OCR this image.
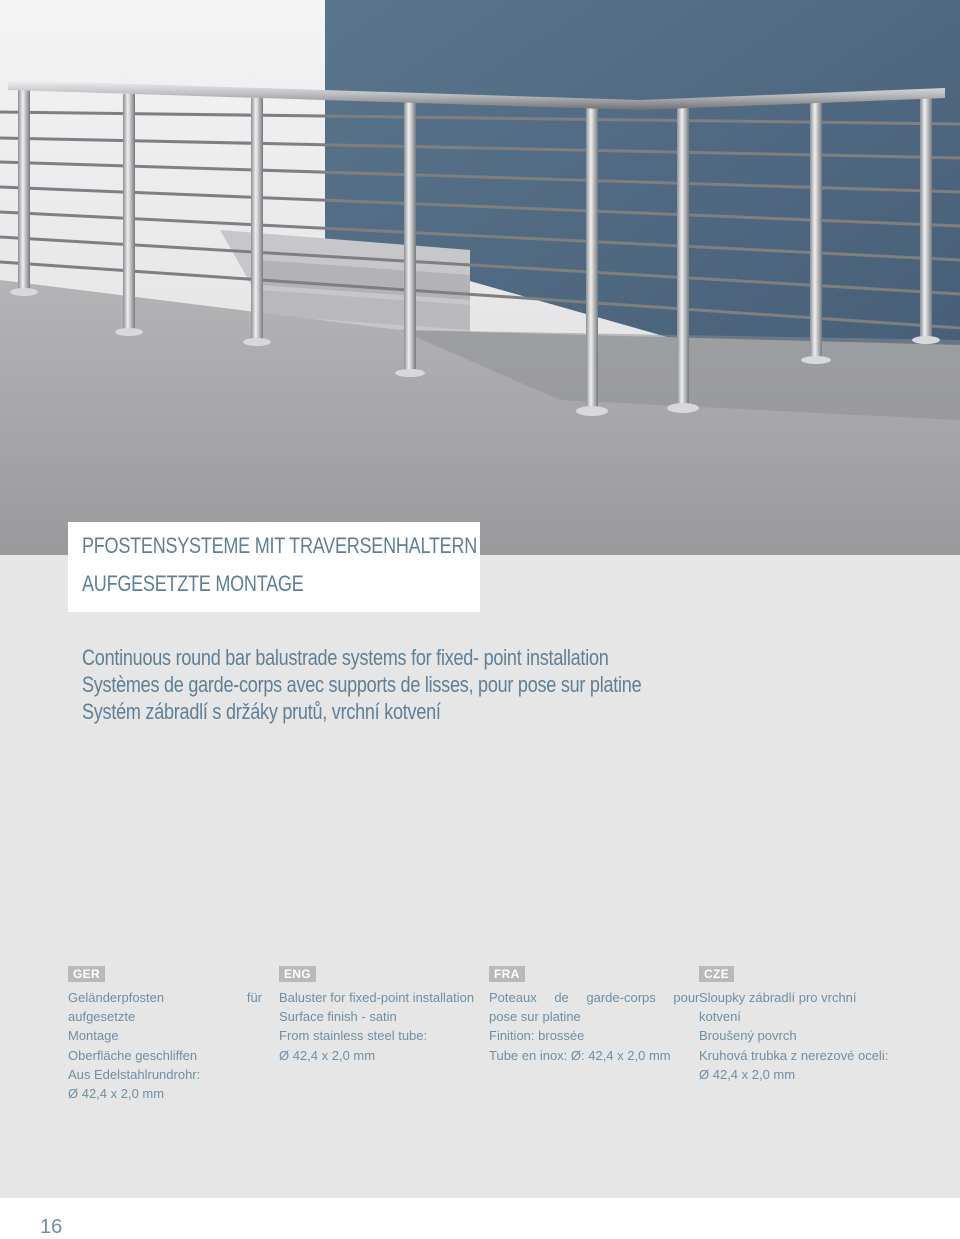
PFOSTENSYSTEME MIT TRAVERSENHALTERN
AUFGESETZTE MONTAGE

Continuous round bar balustrade systems for fixed- point installation

Systèmes de garde-corps avec supports de lisses, pour pose sur platine

Systém zábradlí s držáky prutů, vrchní kotvení

GER

Geländerpfosten für aufgesetzte

Montage

Oberfläche geschliffen

Aus Edelstahlrundrohr:

Ø 42,4 x 2,0 mm

ENG

Baluster for fixed-point installation

Surface finish - satin

From stainless steel tube:

Ø 42,4 x 2,0 mm

FRA

Poteaux de garde-corps pour

pose sur platine

Finition: brossée

Tube en inox: Ø: 42,4 x 2,0 mm

CZE

Sloupky zábradlí pro vrchní

kotvení

Broušený povrch

Kruhová trubka z nerezové oceli:

Ø 42,4 x 2,0 mm

16
